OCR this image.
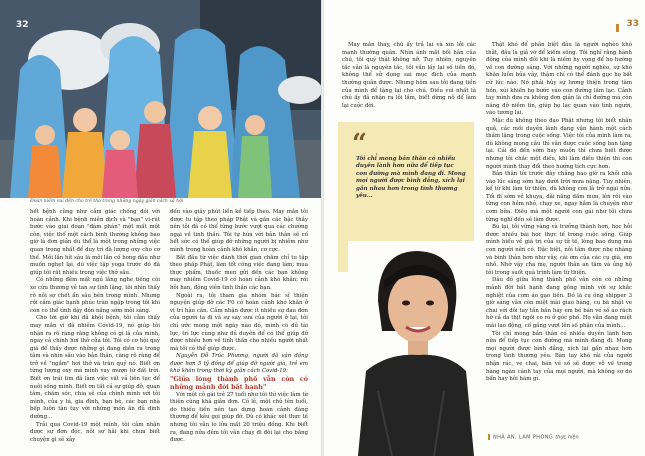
32
Đoàn niềm vui đến cho trẻ thơ trong những ngày giãn cách xã hội

hết bệnh cũng như cảm giác chống đói với hoàn cảnh. Khi bệnh miễn dịch và "bạn" vi-rút bước vào giai đoạn "đàm phán" một mất một còn, việc thổ một cách bình thường không bao giờ là đơn giản dù thổ là một trong những việc quan trọng nhất để duy trì đà lượng oxy cho cơ thể. Mỗi lần hít sâu là mỗi lần cố hong dầu như muốn nghẹt lại, dù việc tập yoga trước đó đã giúp tôi rất nhiều trong việc thở sâu.

Có những đêm mất ngủ lắng nghe tiếng còi xe cứu thương vẻ tan sự tình lặng, tôi nhìn thấy rõ nỗi sợ chết ẩn sâu bên trong mình. Nhưng rồi cảm giác hạnh phúc tràn ngập trong tôi khi con cò thể tình dậy đón nắng sớm mỗi sáng.

Cho tới giờ khi đã khỏi bệnh, tôi cảm thấy may mắn vì đã nhiễm Covid-19, nó giúp tôi nhận ra rõ ràng rằng không có gì là của mình, ngay cả chính hơi thở của tôi. Tôi có cơ hội quý giá để thấy được những gì đang diễn ra trong tâm và nhìn sâu vào bản thân, càng rõ ràng để trở về "ngắm" hơi thở và tràn quý nó. Biết ơn từng lượng oxy mà mình vay mượn từ đất trời. Biết ơn trái tim đã làm việc vất vả liên tục để nuôi sống mình. Biết ơn tất cả sự giúp đỡ, quan tâm, chăm sóc, chia sẻ của chính mình với tôi mình, của y tá, gia đình, bạn bè, các bạn nhà bếp luôn tận tụy với những món ăn đủ dinh dưỡng...

Trải qua Covid-19 một mình, tôi cảm nhận được sự đơn độc, nỗi sợ hãi khi chưa biết chuyện gì sẽ xảy

đến vào giây phút liền kề tiếp theo. May mắn tôi được tu tập theo pháp Phật và gần các bậc thầy nên tôi đã có thể từng bước vượt qua các chướng ngại về tinh thần. Tôi tự hứa với bản thân sẽ cố hết sức có thể giúp đỡ những người bị nhiễm như mình trong hoàn cảnh khó khăn, cơ cực.

Bắt đầu từ việc đánh thời gian chăm chỉ tu tập theo pháp Phật, làm tốt công việc đang làm; mua thực phẩm, thuốc men gửi đến các bạn không may nhiễm Covid-19 có hoàn cảnh khó khăn; rồi hỗi han, động viên tinh thần các bạn.

Ngoài ra, tôi tham gia nhóm bác sĩ thiện nguyện giúp đỡ các F0 có hoàn cảnh khó khăn ở vị trí hậu cần. Cảm nhận được ít nhiều sự đau đớn của người ta đi và sự say sưa của người ở lại, tôi chỉ ước mong một ngày nào đó, mình có đủ tài lực, trí lực cùng như đủ duyên để có thể giúp đỡ được nhiều hơn về tinh thần cho nhiều người nhất mà tôi có thể giúp được.

Nguyễn Đỗ Trúc Phương, người đã vận động được hơn 5 tỷ đồng để giúp đỡ người già, trẻ em khó khăn trong thời kỳ giãn cách Covid-19:

"Giữa lòng thành phố vẫn còn có những mảnh đời bất hạnh"

Với một cô gái trẻ 27 tuổi như tôi thì việc làm từ thiện cũng khá giản đơn. Có lẽ, một chủ tên tuổi, do thiếu tiền nên tạo dựng hoàn cảnh đáng thương để kêu gọi giúp đỡ. Dù có khác xét thực tế nhưng tôi vẫn lo lửa mất 20 triệu đồng. Khi biết ra, đang nửa đêm tôi vẫn chạy đi đòi lại cho bằng được.

33

May mắn thay, chú ấy trả lại và xin lỗi các mạnh thường quân. Nhìn ánh mắt bối hân của chú, tôi quý thật không nỡ. Tuy nhiên, nguyên tắc vẫn là nguyên tắc, tôi vẫn lấy lại số tiền đó, không thể sử dụng sai mục đích của mạnh thường quân được. Nhưng hôm sau tôi đang tiền của mình để tặng lại cho chú. Điều vui nhất là chú ấy đã nhận ra lỗi lầm, biết dừng nỗ để làm lại cuộc đời.

Thật khó để phân biệt đâu là người nghèo khó thật, đâu là giả vờ để kiếm sống. Tôi nghĩ rằng hành động của mình đôi khi là niềm hy vọng để họ hướng về con đường sáng. Với những người nghèo, sự khó khăn luôn bủa vây, thậm chí có thể đánh gục họ bất cứ lúc nào. Nó phải hủy sự lương thiện trong tâm hồn, xúi khiến họ bước vào con đường lầm lạc. Cảnh tay mình đưa ra không đơn giản là chỉ đường mà còn nâng đỡ niềm tin, giúp họ lạc quan vào tình người, vào tương lai.

Mặc dù không theo đạo Phật nhưng tôi biết nhân quả, các mối duyên lành đang vận hành một cách thầm lặng trong cuộc sống. Việc tôi của mình làm ra, dù không mong cầu thì vẫn được cuộc sống ban tặng lại. Cái đó đến sớm hay muộn thì chưa biết được nhưng tôi chắc một điều, khi làm điều thiện thì con người mình thay đổi theo hướng tích cực hơn.

Bản thân tôi trước đây chẳng bao giờ ra khỏi nhà vào lúc sáng sớm hay dưới trời mưa nặng. Tuy nhiên, kể từ khi làm từ thiện, dù không còn là trở ngại nữa. Tối đi sớm về khuya, dãi nắng dầm mưa, lên rồi vào từng con hẻm nhỏ, chạy xe, ngay hầm là chuyện như cơm bữa. Điều mà một người con gái như tôi chưa từng nghĩ đến sẽ làm được.

Bù lại, tôi vững vàng và trưởng thành hơn, học hỏi được nhiều bài học thực tế trong cuộc sống. Giúp mình hiểu về giá trị của sự tử tế, lòng bao dung mà con người nên có. Đặc biệt, nỗi tâm được nhẹ nhàng và bình thản hơn như vậy, cái ơm của các cụ già, em nhỏ. Nhờ vậy cha mẹ, người thân an tâm và ủng hộ tôi trong suốt quá trình làm từ thiện.

Dẫu đó giữa lòng thành phố vẫn còn có những mảnh đời bất hạnh đang gồng mình với sự khắc nghiệt của cơm áo gạo tiền. Đó là cụ ông shipper 3 giờ sáng vẫn còn miệt mài giao hàng, cụ bà nhặt ve chai với đôi tay tần bần hay em bé bán vé số áo rách hờ cả da thịt ngồi co ro ở góc phố. Họ vẫn đang miệt mài lao động, cố gắng vượt lên số phận của mình...

Tôi chỉ mong bản thân có nhiều duyên lành hơn nữa để tiếp tục con đường mà mình đang đi. Mong mọi người được bình đẳng, xích lại gần nhau hơn trong tình thương yêu. Bàn tay khó rải của người nhận rác, ve chai, bán vé số sẽ được vỗ về trong hàng ngàn cánh tay của mọi người, mà không sợ do bẩn hay hôi hám gì.

“
Tôi chỉ mong bản thân có nhiều duyên lành hơn nữa để tiếp tục con đường mà mình đang đi. Mong mọi người được bình đẳng, xích lại gần nhau hơn trong tình thương yêu...
NHÃ AN, LAM PHONG thực hiện
